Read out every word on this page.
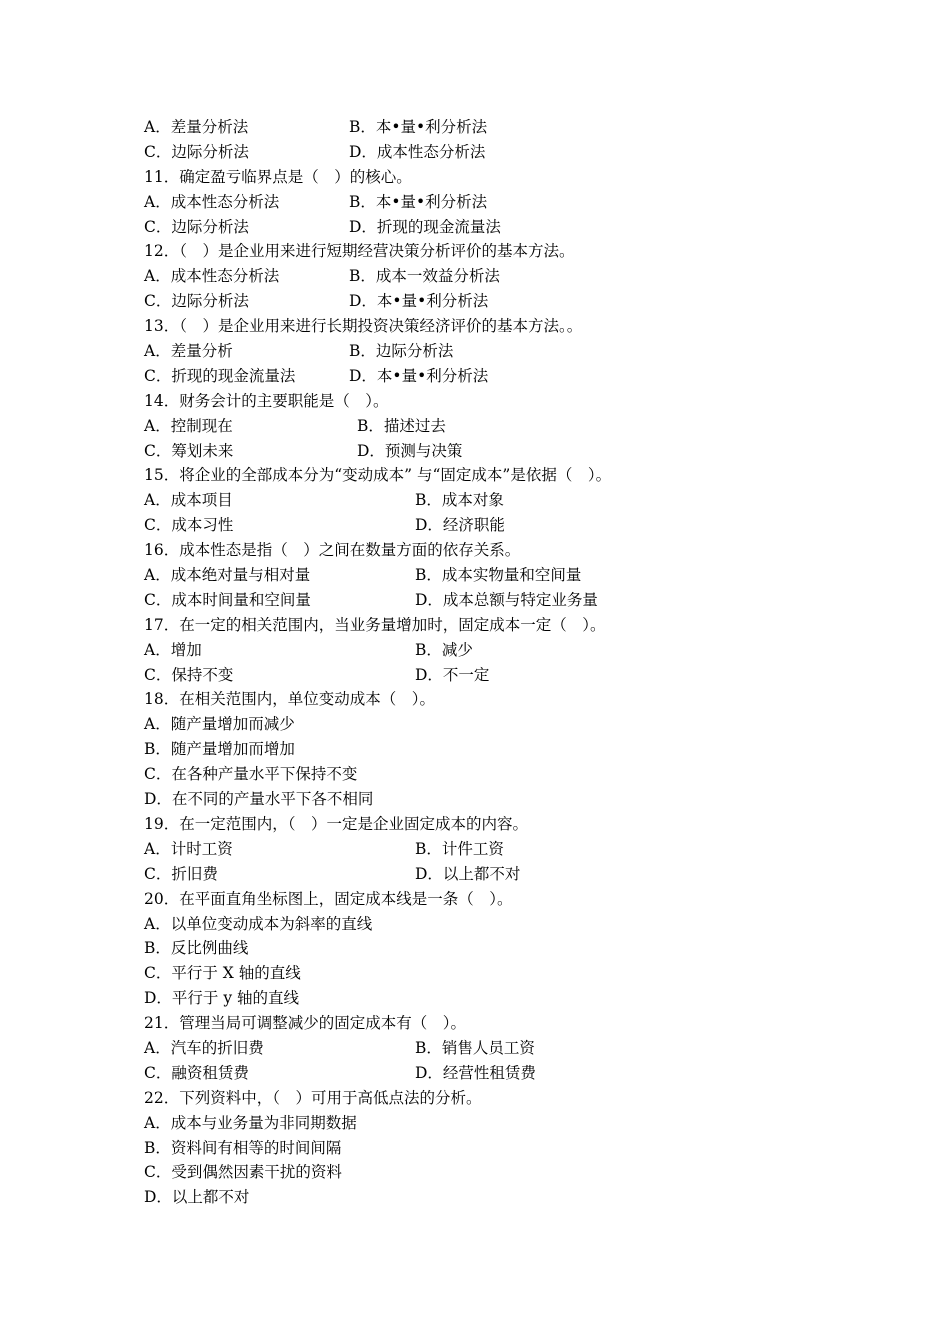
A．差量分析法	B．本•量•利分析法
C．边际分析法	D．成本性态分析法
11．确定盈亏临界点是（　）的核心。
A．成本性态分析法	B．本•量•利分析法
C．边际分析法	D．折现的现金流量法
12．（　）是企业用来进行短期经营决策分析评价的基本方法。
A．成本性态分析法	B．成本一效益分析法
C．边际分析法	D．本•量•利分析法
13．（　）是企业用来进行长期投资决策经济评价的基本方法。。
A．差量分析	B．边际分析法
C．折现的现金流量法	D．本•量•利分析法
14．财务会计的主要职能是（　）。
A．控制现在	B．描述过去
C．筹划未来	D．预测与决策
15．将企业的全部成本分为“变动成本” 与“固定成本”是依据（　）。
A．成本项目	B．成本对象
C．成本习性	D．经济职能
16．成本性态是指（　）之间在数量方面的依存关系。
A．成本绝对量与相对量	B．成本实物量和空间量
C．成本时间量和空间量	D．成本总额与特定业务量
17．在一定的相关范围内，当业务量增加时，固定成本一定（　）。
A．增加	B．减少
C．保持不变	D．不一定
18．在相关范围内，单位变动成本（　）。
A．随产量增加而减少
B．随产量增加而增加
C．在各种产量水平下保持不变
D．在不同的产量水平下各不相同
19．在一定范围内，（　）一定是企业固定成本的内容。
A．计时工资	B．计件工资
C．折旧费	D．以上都不对
20．在平面直角坐标图上，固定成本线是一条（　）。
A．以单位变动成本为斜率的直线
B．反比例曲线
C．平行于 X 轴的直线
D．平行于 y 轴的直线
21．管理当局可调整减少的固定成本有（　）。
A．汽车的折旧费	B．销售人员工资
C．融资租赁费	D．经营性租赁费
22．下列资料中，（　）可用于高低点法的分析。
A．成本与业务量为非同期数据
B．资料间有相等的时间间隔
C．受到偶然因素干扰的资料
D．以上都不对
